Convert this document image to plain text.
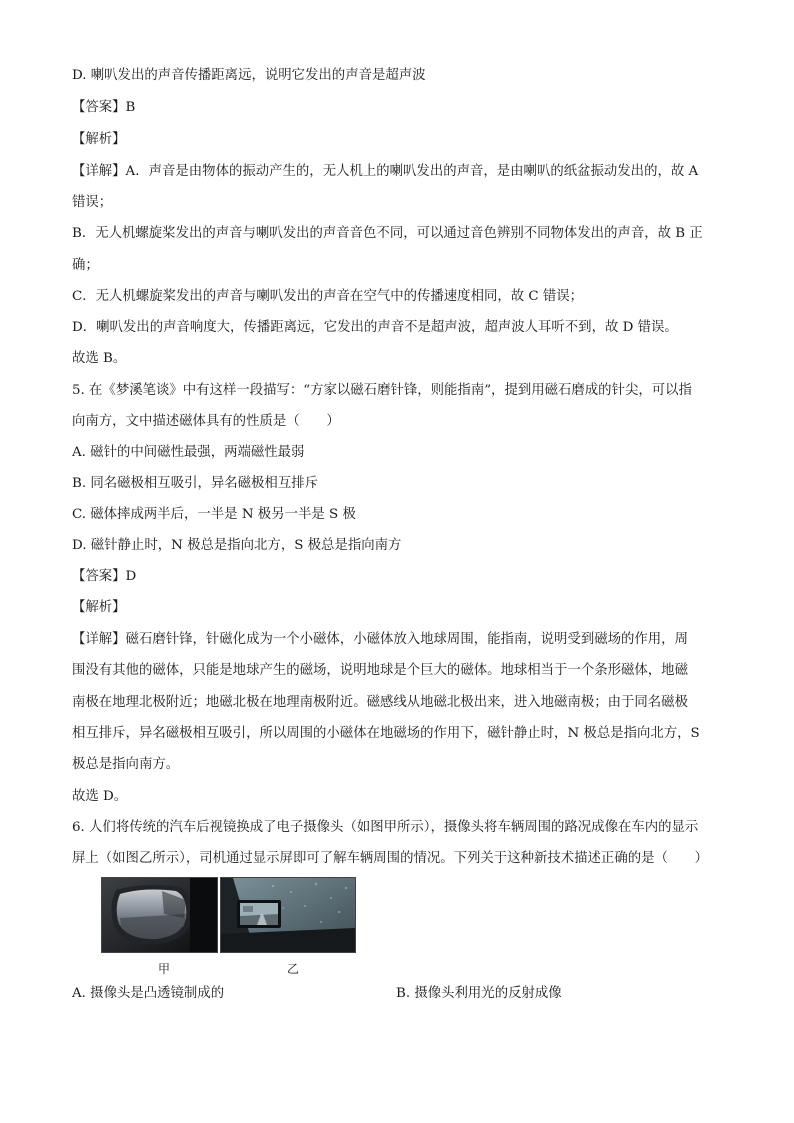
D. 喇叭发出的声音传播距离远，说明它发出的声音是超声波
【答案】B
【解析】
【详解】A．声音是由物体的振动产生的，无人机上的喇叭发出的声音，是由喇叭的纸盆振动发出的，故 A
错误；
B．无人机螺旋桨发出的声音与喇叭发出的声音音色不同，可以通过音色辨别不同物体发出的声音，故 B 正
确；
C．无人机螺旋桨发出的声音与喇叭发出的声音在空气中的传播速度相同，故 C 错误；
D．喇叭发出的声音响度大，传播距离远，它发出的声音不是超声波，超声波人耳听不到，故 D 错误。
故选 B。
5. 在《梦溪笔谈》中有这样一段描写：“方家以磁石磨针锋，则能指南”，提到用磁石磨成的针尖，可以指
向南方，文中描述磁体具有的性质是（　　）
A. 磁针的中间磁性最强，两端磁性最弱
B. 同名磁极相互吸引，异名磁极相互排斥
C. 磁体摔成两半后，一半是 N 极另一半是 S 极
D. 磁针静止时，N 极总是指向北方，S 极总是指向南方
【答案】D
【解析】
【详解】磁石磨针锋，针磁化成为一个小磁体，小磁体放入地球周围，能指南，说明受到磁场的作用，周
围没有其他的磁体，只能是地球产生的磁场，说明地球是个巨大的磁体。地球相当于一个条形磁体，地磁
南极在地理北极附近；地磁北极在地理南极附近。磁感线从地磁北极出来，进入地磁南极；由于同名磁极
相互排斥，异名磁极相互吸引，所以周围的小磁体在地磁场的作用下，磁针静止时，N 极总是指向北方，S
极总是指向南方。
故选 D。
6. 人们将传统的汽车后视镜换成了电子摄像头（如图甲所示），摄像头将车辆周围的路况成像在车内的显示
屏上（如图乙所示），司机通过显示屏即可了解车辆周围的情况。下列关于这种新技术描述正确的是（　　）
甲	乙
A. 摄像头是凸透镜制成的	B. 摄像头利用光的反射成像
